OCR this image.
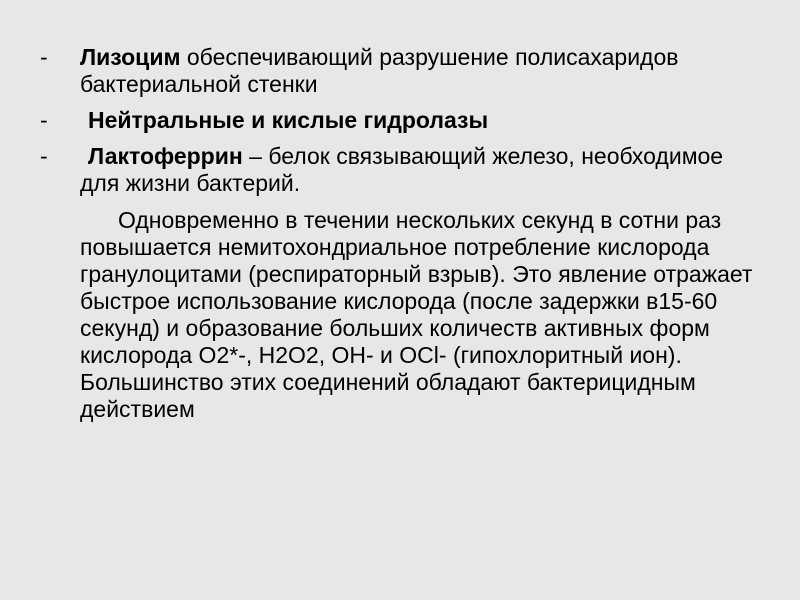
- Лизоцим обеспечивающий разрушение полисахаридов бактериальной стенки
- Нейтральные и кислые гидролазы
- Лактоферрин – белок связывающий железо, необходимое для жизни бактерий.
Одновременно в течении нескольких секунд в сотни раз повышается немитохондриальное потребление кислорода гранулоцитами (респираторный взрыв). Это явление отражает быстрое использование кислорода (после задержки в15-60 секунд) и образование больших количеств активных форм кислорода O2*-, H2O2, OH- и OCl- (гипохлоритный ион). Большинство этих соединений обладают бактерицидным действием
